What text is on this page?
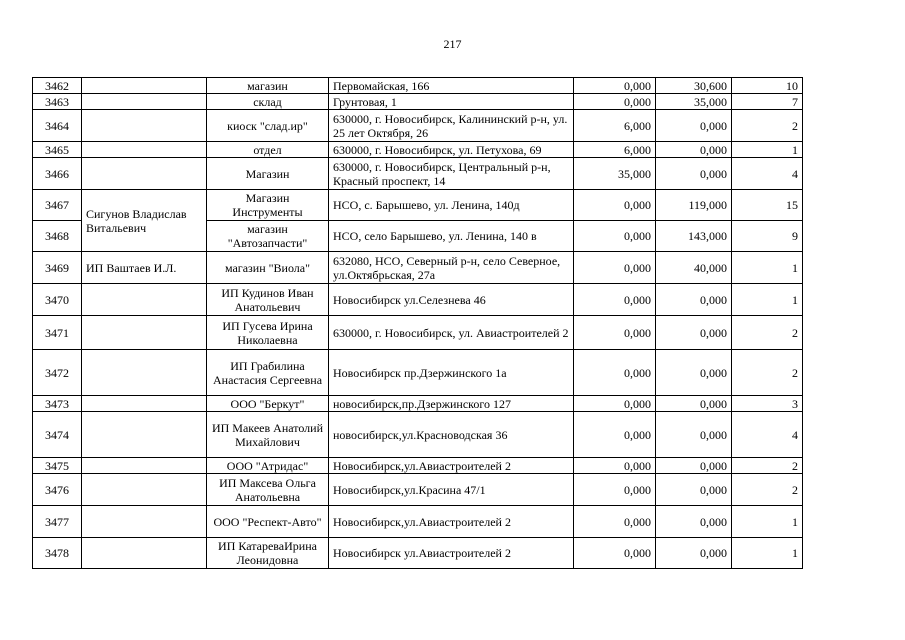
217
3462		магазин	Первомайская, 166	0,000	30,600	10
3463		склад	Грунтовая, 1	0,000	35,000	7
3464		киоск "слад.ир"	630000, г. Новосибирск, Калининский р-н, ул. 25 лет Октября, 26	6,000	0,000	2
3465		отдел	630000, г. Новосибирск, ул. Петухова, 69	6,000	0,000	1
3466		Магазин	630000, г. Новосибирск, Центральный р-н, Красный проспект, 14	35,000	0,000	4
3467	Сигунов Владислав Витальевич	Магазин Инструменты	НСО, с. Барышево, ул. Ленина, 140д	0,000	119,000	15
3468		магазин "Автозапчасти"	НСО, село Барышево, ул. Ленина, 140 в	0,000	143,000	9
3469	ИП Ваштаев И.Л.	магазин "Виола"	632080, НСО, Северный р-н, село Северное, ул.Октябрьская, 27а	0,000	40,000	1
3470		ИП Кудинов Иван Анатольевич	Новосибирск ул.Селезнева 46	0,000	0,000	1
3471		ИП Гусева Ирина Николаевна	630000, г. Новосибирск, ул. Авиастроителей 2	0,000	0,000	2
3472		ИП Грабилина Анастасия Сергеевна	Новосибирск пр.Дзержинского 1а	0,000	0,000	2
3473		ООО "Беркут"	новосибирск,пр.Дзержинского 127	0,000	0,000	3
3474		ИП Макеев Анатолий Михайлович	новосибирск,ул.Красноводская 36	0,000	0,000	4
3475		ООО "Атридас"	Новосибирск,ул.Авиастроителей 2	0,000	0,000	2
3476		ИП Максева Ольга Анатольевна	Новосибирск,ул.Красина 47/1	0,000	0,000	2
3477		ООО "Респект-Авто"	Новосибирск,ул.Авиастроителей 2	0,000	0,000	1
3478		ИП КатареваИрина Леонидовна	Новосибирск ул.Авиастроителей 2	0,000	0,000	1
